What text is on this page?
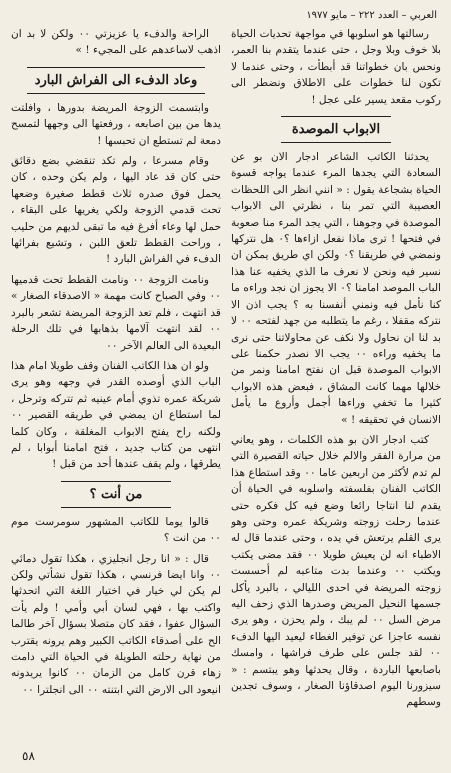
العربي – العدد ٢٢٢ – مايو ١٩٧٧

رسالتها هو اسلوبها في مواجهة تحديات الحياة بلا خوف وبلا وجل ، حتى عندما يتقدم بنا العمر، ونحس بان خطواتنا قد أبطأت ، وحتى عندما لا تكون لنا خطوات على الاطلاق ونضطر الى ركوب مقعد يسير على عجل !

الابواب الموصدة

يحدثنا الكاتب الشاعر ادجار الان بو عن السعادة التي يجدها المرء عندما يواجه قسوة الحياة بشجاعة يقول : « انني انظر الى اللحظات العصيبة التي تمر بنا ، نظرتي الى الابواب الموصدة في وجوهنا ، التي يجد المرء منا صعوبة في فتحها ! ترى ماذا نفعل ازاءها ؟٠ هل نتركها ونمضي في طريقنا ؟٠ ولكن اي طريق يمكن ان نسير فيه ونحن لا نعرف ما الذي يخفيه عنا هذا الباب الموصد امامنا ؟٠ الا يجوز ان نجد وراءه ما كنا نأمل فيه ونمني أنفسنا به ؟ يجب اذن الا نتركه مقفلا ، رغم ما يتطلبه من جهد لفتحه ٠٠ لا بد لنا ان نحاول ولا نكف عن محاولاتنا حتى نرى ما يخفيه وراءه ٠٠ يجب الا نصدر حكمنا على الابواب الموصدة قبل ان نفتح امامنا ونمر من خلالها مهما كانت المشاق ، فبعض هذه الابواب كثيرا ما تخفي وراءها أجمل وأروع ما يأمل الانسان في تحقيقه ! »

كتب ادجار الان بو هذه الكلمات ، وهو يعاني من مرارة الفقر والالم خلال حياته القصيرة التي لم تدم لأكثر من اربعين عاما ٠٠ وقد استطاع هذا الكاتب الفنان بفلسفته واسلوبه في الحياة أن يقدم لنا انتاجا رائعا وضع فيه كل فكره حتى عندما رحلت زوجته وشريكة عمره وحتى وهو يرى القلم يرتعش في يده ، وحتى عندما قال له الاطباء انه لن يعيش طويلا ٠٠ فقد مضى يكتب ويكتب ٠٠ وعندما بدت متاعبه لم أحسست زوجته المريضة في احدى الليالي ، بالبرد يأكل جسمها النحيل المريض وصدرها الذي زحف اليه مرض السل ٠٠ لم يبك ، ولم يحزن ، وهو يرى نفسه عاجزا عن توفير الغطاء ليعيد اليها الدفء ٠٠ لقد جلس على طرف فراشها ، وامسك باصابعها الباردة ، وقال يحدثها وهو يبتسم : « سيزورنا اليوم اصدقاؤنا الصغار ، وسوف تجدين وسطهم

الراحة والدفء يا عزيزتي ٠٠ ولكن لا بد ان اذهب لاساعدهم على المجيء ! »

وعاد الدفء الى الفراش البارد

وابتسمت الزوجة المريضة بدورها ، وافلتت يدها من بين اصابعه ، ورفعتها الى وجهها لتمسح دمعة لم تستطع ان تحبسها !

وقام مسرعا ، ولم تكد تنقضي بضع دقائق حتى كان قد عاد اليها ، ولم يكن وحده ، كان يحمل فوق صدره ثلاث قطط صغيرة وضعها تحت قدمي الزوجة ولكي يغريها على البقاء ، حمل لها وعاء أفرغ فيه ما تبقى لديهم من حليب ، وراحت القطط تلعق اللبن ، وتشيع بفرائها الدفء في الفراش البارد !

ونامت الزوجة ٠٠ ونامت القطط تحت قدميها ٠٠ وفي الصباح كانت مهمة « الاصدقاء الصغار » قد انتهت ، فلم تعد الزوجة المريضة تشعر بالبرد ٠٠ لقد انتهت آلامها بذهابها في تلك الرحلة البعيدة الى العالم الآخر ٠٠

ولو ان هذا الكاتب الفنان وقف طويلا امام هذا الباب الذي أوصده القدر في وجهه وهو يرى شريكة عمره تذوي أمام عينيه ثم تتركه وترحل ، لما استطاع ان يمضي في طريقه القصير ٠٠ ولكنه راح يفتح الابواب المغلقة ، وكان كلما انتهى من كتاب جديد ، فتح امامنا أبوابا ، لم يطرقها ، ولم يقف عندها أحد من قبل !

من أنت ؟

قالوا يوما للكاتب المشهور سومرست موم ٠٠ من انت ؟

قال : « انا رجل انجليزي ، هكذا تقول دمائي ٠٠ وانا ايضا فرنسي ، هكذا تقول نشأتي ولكن لم يكن لي خيار في اختيار اللغة التي اتحدثها واكتب بها ، فهي لسان أبي وأمي ! ولم يأت السؤال عفوا ، فقد كان متصلا بسؤال آخر طالما الح على أصدقاء الكاتب الكبير وهم يرونه يقترب من نهاية رحلته الطويلة في الحياة التي دامت زهاء قرن كامل من الزمان ٠٠ كانوا يريدونه انيعود الى الارض التي ابتنته ٠٠ الى انجلترا ٠٠

٥٨
